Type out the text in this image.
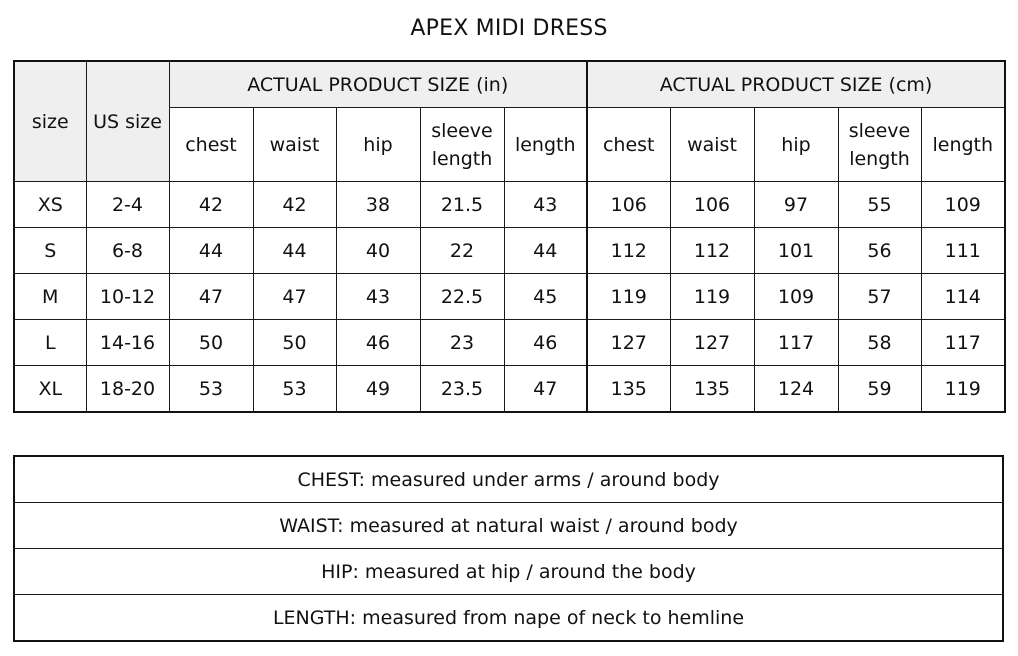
APEX MIDI DRESS
size	US size	ACTUAL PRODUCT SIZE (in)					ACTUAL PRODUCT SIZE (cm)				
		chest	waist	hip	sleeve length	length	chest	waist	hip	sleeve length	length
XS	2-4	42	42	38	21.5	43	106	106	97	55	109
S	6-8	44	44	40	22	44	112	112	101	56	111
M	10-12	47	47	43	22.5	45	119	119	109	57	114
L	14-16	50	50	46	23	46	127	127	117	58	117
XL	18-20	53	53	49	23.5	47	135	135	124	59	119
CHEST: measured under arms / around body
WAIST: measured at natural waist / around body
HIP: measured at hip / around the body
LENGTH: measured from nape of neck to hemline
